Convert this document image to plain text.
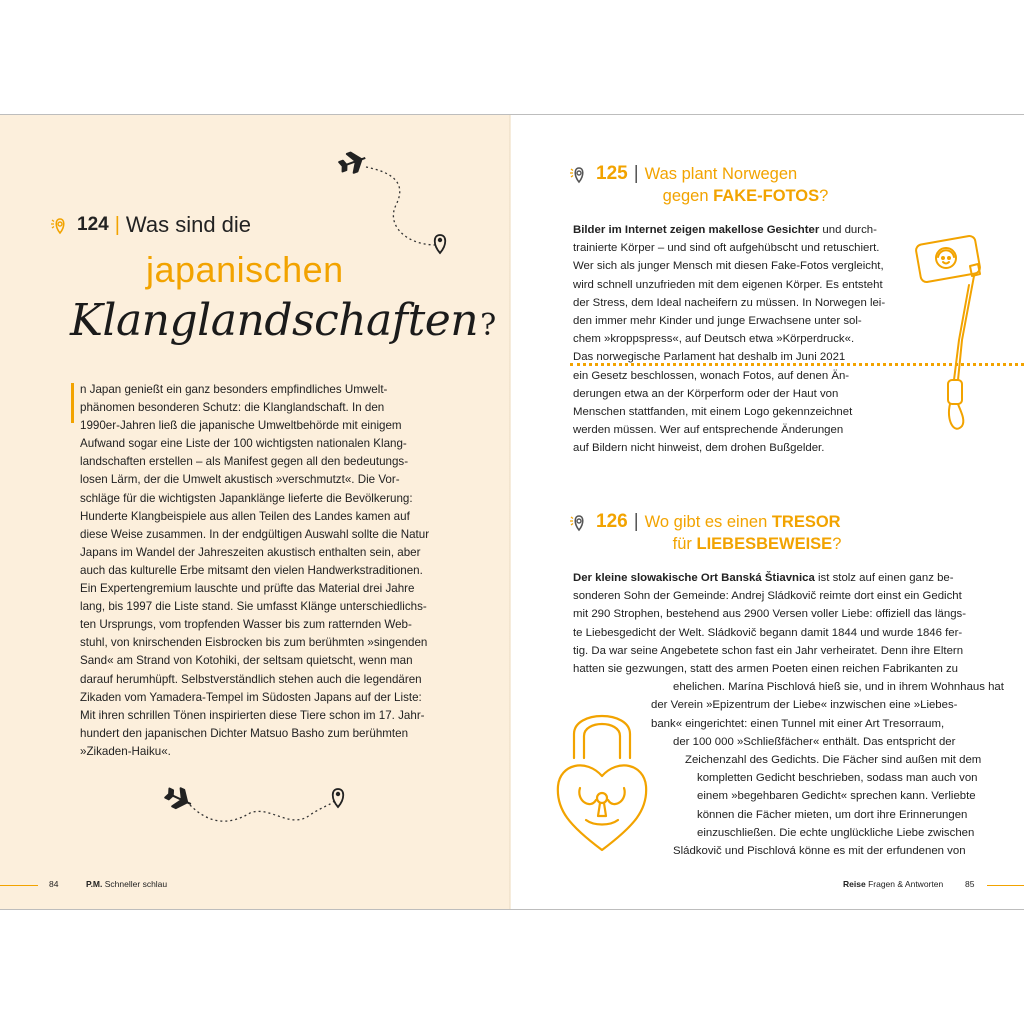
124 | Was sind die
japanischen
Klanglandschaften?
n Japan genießt ein ganz besonders empfindliches Umwelt-
phänomen besonderen Schutz: die Klanglandschaft. In den
1990er-Jahren ließ die japanische Umweltbehörde mit einigem
Aufwand sogar eine Liste der 100 wichtigsten nationalen Klang-
landschaften erstellen – als Manifest gegen all den bedeutungs-
losen Lärm, der die Umwelt akustisch »verschmutzt«. Die Vor-
schläge für die wichtigsten Japanklänge lieferte die Bevölkerung:
Hunderte Klangbeispiele aus allen Teilen des Landes kamen auf
diese Weise zusammen. In der endgültigen Auswahl sollte die Natur
Japans im Wandel der Jahreszeiten akustisch enthalten sein, aber
auch das kulturelle Erbe mitsamt den vielen Handwerkstraditionen.
Ein Expertengremium lauschte und prüfte das Material drei Jahre
lang, bis 1997 die Liste stand. Sie umfasst Klänge unterschiedlichs-
ten Ursprungs, vom tropfenden Wasser bis zum ratternden Web-
stuhl, von knirschenden Eisbrocken bis zum berühmten »singenden
Sand« am Strand von Kotohiki, der seltsam quietscht, wenn man
darauf herumhüpft. Selbstverständlich stehen auch die legendären
Zikaden vom Yamadera-Tempel im Südosten Japans auf der Liste:
Mit ihren schrillen Tönen inspirierten diese Tiere schon im 17. Jahr-
hundert den japanischen Dichter Matsuo Basho zum berühmten
»Zikaden-Haiku«.
84	P.M. Schneller schlau
125 | Was plant Norwegen
gegen FAKE-FOTOS?
Bilder im Internet zeigen makellose Gesichter und durch-
trainierte Körper – und sind oft aufgehübscht und retuschiert.
Wer sich als junger Mensch mit diesen Fake-Fotos vergleicht,
wird schnell unzufrieden mit dem eigenen Körper. Es entsteht
der Stress, dem Ideal nacheifern zu müssen. In Norwegen lei-
den immer mehr Kinder und junge Erwachsene unter sol-
chem »kroppspress«, auf Deutsch etwa »Körperdruck«.
Das norwegische Parlament hat deshalb im Juni 2021
ein Gesetz beschlossen, wonach Fotos, auf denen Än-
derungen etwa an der Körperform oder der Haut von
Menschen stattfanden, mit einem Logo gekennzeichnet
werden müssen. Wer auf entsprechende Änderungen
auf Bildern nicht hinweist, dem drohen Bußgelder.
126 | Wo gibt es einen TRESOR
für LIEBESBEWEISE?
Der kleine slowakische Ort Banská Štiavnica ist stolz auf einen ganz be-
sonderen Sohn der Gemeinde: Andrej Sládkovič reimte dort einst ein Gedicht
mit 290 Strophen, bestehend aus 2900 Versen voller Liebe: offiziell das längs-
te Liebesgedicht der Welt. Sládkovič begann damit 1844 und wurde 1846 fer-
tig. Da war seine Angebetete schon fast ein Jahr verheiratet. Denn ihre Eltern
hatten sie gezwungen, statt des armen Poeten einen reichen Fabrikanten zu
ehelichen. Marína Pischlová hieß sie, und in ihrem Wohnhaus hat
der Verein »Epizentrum der Liebe« inzwischen eine »Liebes-
bank« eingerichtet: einen Tunnel mit einer Art Tresorraum,
der 100 000 »Schließfächer« enthält. Das entspricht der
Zeichenzahl des Gedichts. Die Fächer sind außen mit dem
kompletten Gedicht beschrieben, sodass man auch von
einem »begehbaren Gedicht« sprechen kann. Verliebte
können die Fächer mieten, um dort ihre Erinnerungen
einzuschließen. Die echte unglückliche Liebe zwischen
Sládkovič und Pischlová könne es mit der erfundenen von
Reise Fragen & Antworten	85
